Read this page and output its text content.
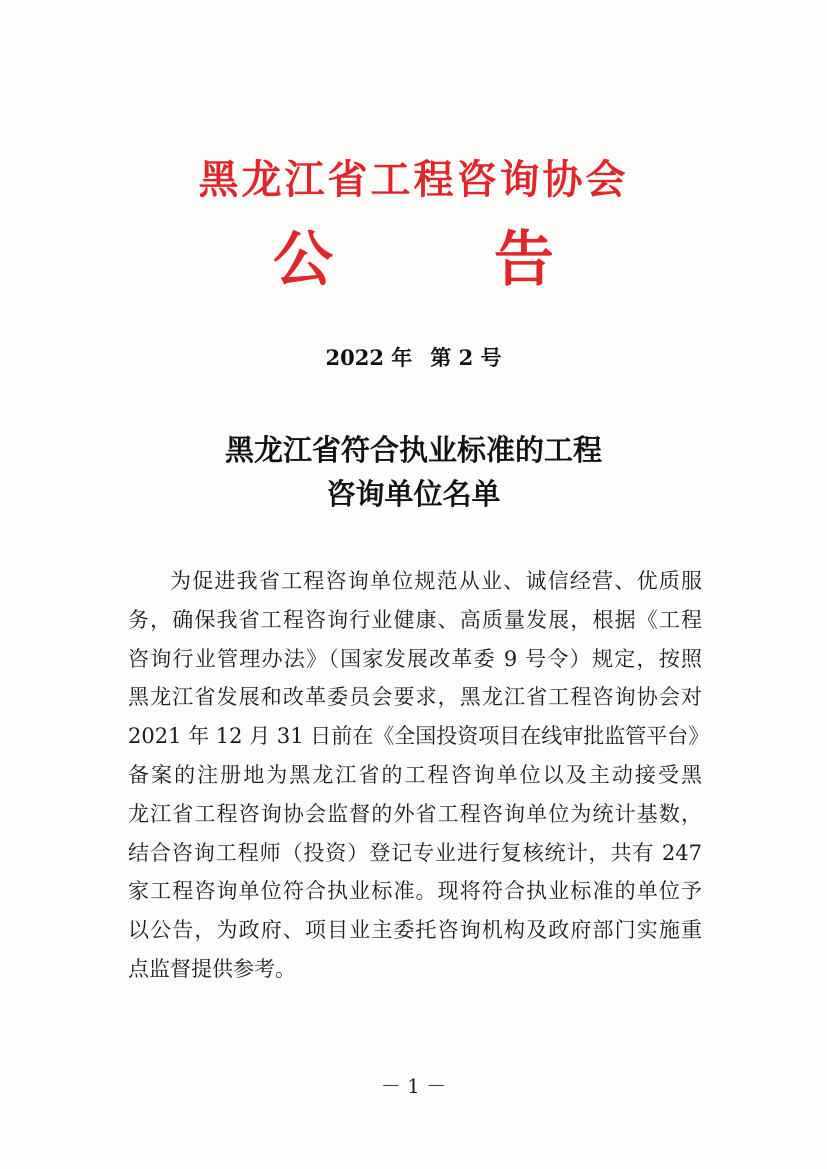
黑龙江省工程咨询协会
公 告
2022 年 第 2 号
黑龙江省符合执业标准的工程
咨询单位名单
为促进我省工程咨询单位规范从业、诚信经营、优质服
务，确保我省工程咨询行业健康、高质量发展，根据《工程
咨询行业管理办法》（国家发展改革委 9 号令）规定，按照
黑龙江省发展和改革委员会要求，黑龙江省工程咨询协会对
2021 年 12 月 31 日前在《全国投资项目在线审批监管平台》
备案的注册地为黑龙江省的工程咨询单位以及主动接受黑
龙江省工程咨询协会监督的外省工程咨询单位为统计基数，
结合咨询工程师（投资）登记专业进行复核统计，共有 247
家工程咨询单位符合执业标准。现将符合执业标准的单位予
以公告，为政府、项目业主委托咨询机构及政府部门实施重
点监督提供参考。
－ 1 －
